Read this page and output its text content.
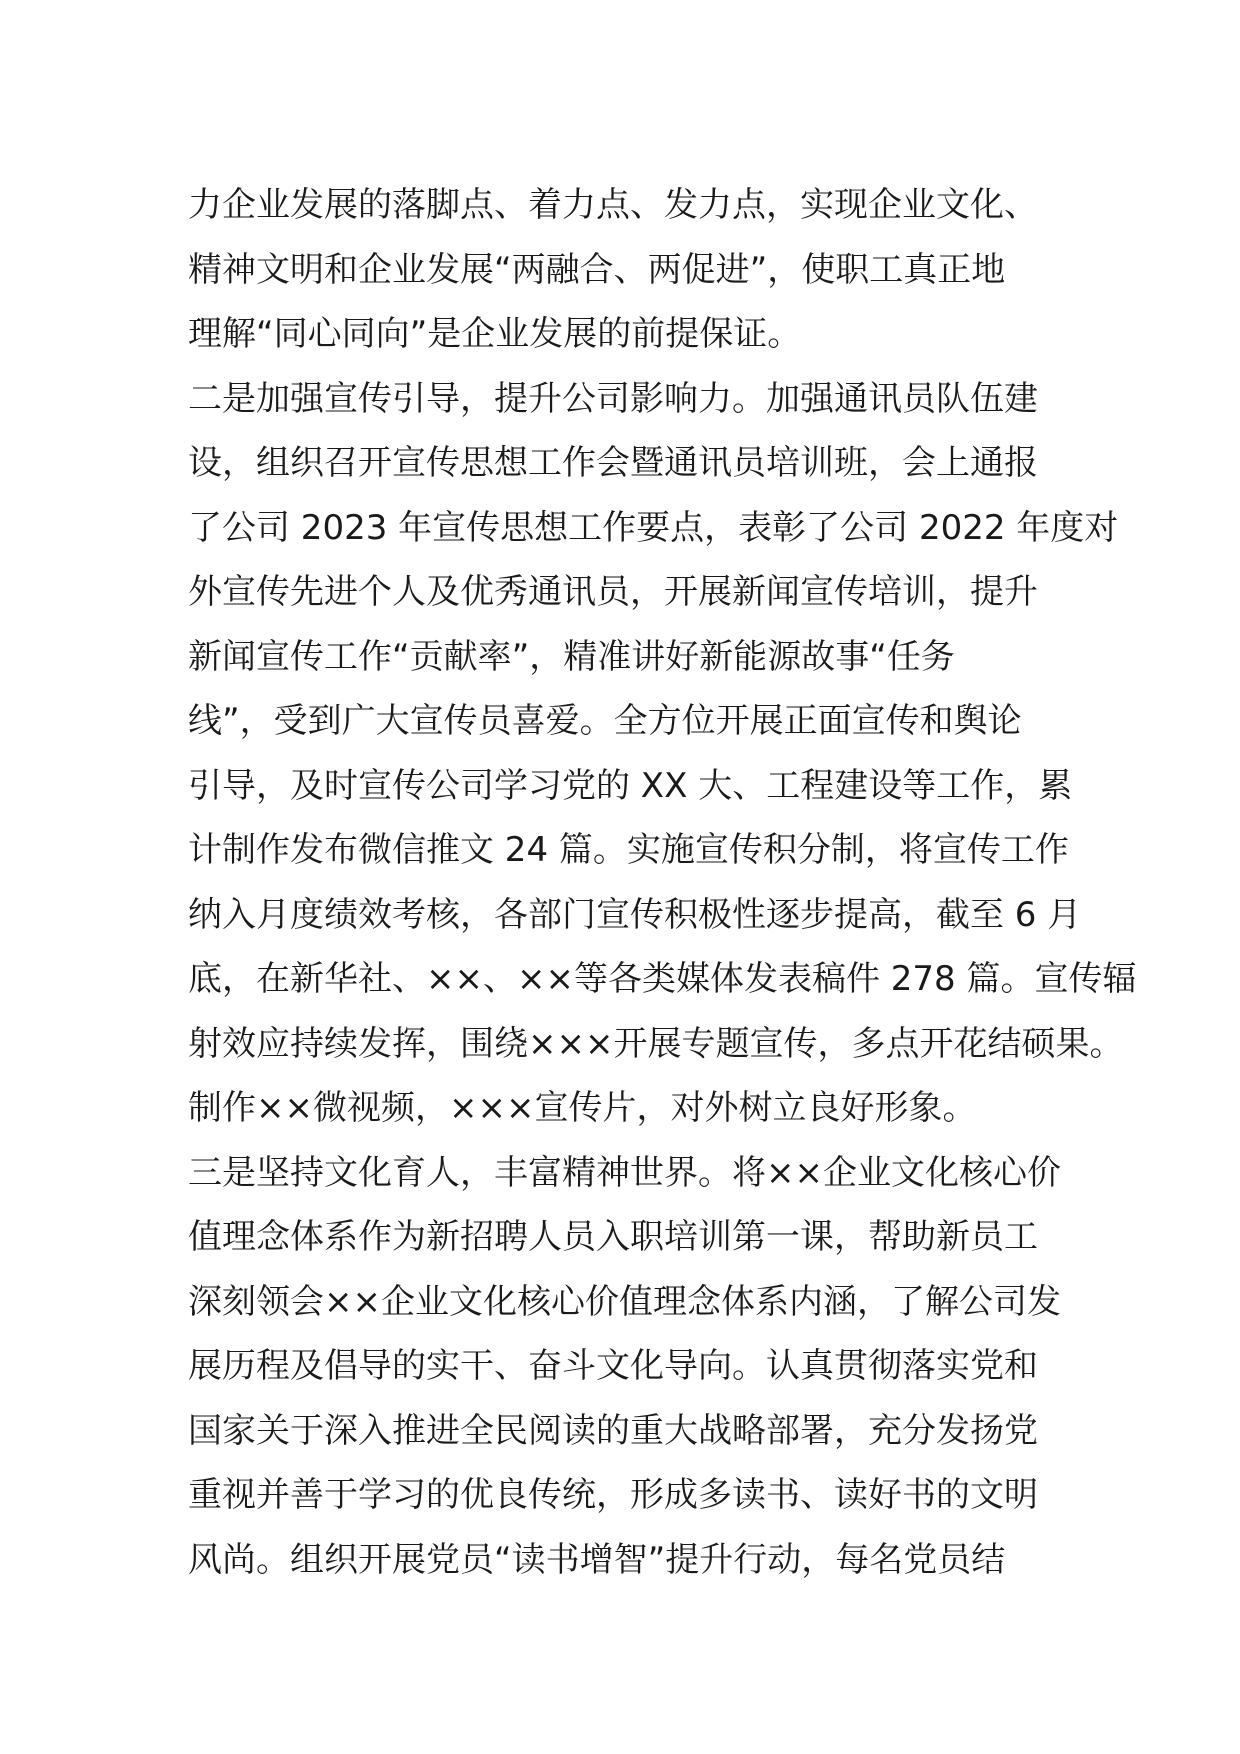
力企业发展的落脚点、着力点、发力点，实现企业文化、
精神文明和企业发展“两融合、两促进”，使职工真正地
理解“同心同向”是企业发展的前提保证。
二是加强宣传引导，提升公司影响力。加强通讯员队伍建
设，组织召开宣传思想工作会暨通讯员培训班，会上通报
了公司 2023 年宣传思想工作要点，表彰了公司 2022 年度对
外宣传先进个人及优秀通讯员，开展新闻宣传培训，提升
新闻宣传工作“贡献率”，精准讲好新能源故事“任务
线”，受到广大宣传员喜爱。全方位开展正面宣传和舆论
引导，及时宣传公司学习党的 XX 大、工程建设等工作，累
计制作发布微信推文 24 篇。实施宣传积分制，将宣传工作
纳入月度绩效考核，各部门宣传积极性逐步提高，截至 6 月
底，在新华社、××、××等各类媒体发表稿件 278 篇。宣传辐
射效应持续发挥，围绕×××开展专题宣传，多点开花结硕果。
制作××微视频，×××宣传片，对外树立良好形象。
三是坚持文化育人，丰富精神世界。将××企业文化核心价
值理念体系作为新招聘人员入职培训第一课，帮助新员工
深刻领会××企业文化核心价值理念体系内涵，了解公司发
展历程及倡导的实干、奋斗文化导向。认真贯彻落实党和
国家关于深入推进全民阅读的重大战略部署，充分发扬党
重视并善于学习的优良传统，形成多读书、读好书的文明
风尚。组织开展党员“读书增智”提升行动，每名党员结
